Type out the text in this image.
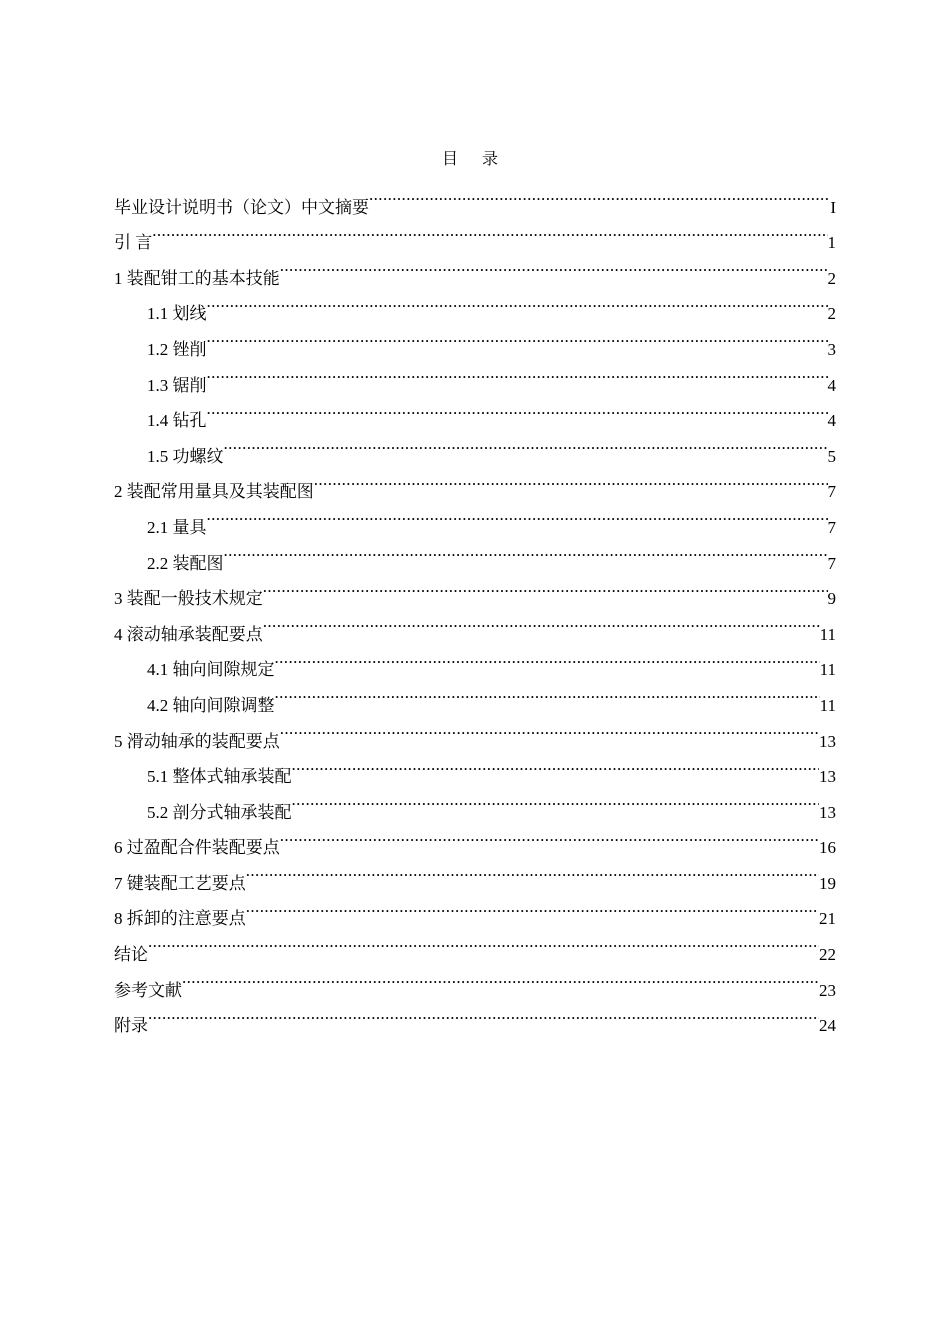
目 录
毕业设计说明书（论文）中文摘要 .....	I
引 言 .....	1
1 装配钳工的基本技能 .....	2
1.1 划线 .....	2
1.2 锉削 .....	3
1.3 锯削 .....	4
1.4 钻孔 .....	4
1.5 功螺纹 .....	5
2 装配常用量具及其装配图 .....	7
2.1 量具 .....	7
2.2 装配图 .....	7
3 装配一般技术规定 .....	9
4 滚动轴承装配要点 .....	11
4.1 轴向间隙规定 .....	11
4.2 轴向间隙调整 .....	11
5 滑动轴承的装配要点 .....	13
5.1 整体式轴承装配 .....	13
5.2 剖分式轴承装配 .....	13
6 过盈配合件装配要点 .....	16
7 键装配工艺要点 .....	19
8 拆卸的注意要点 .....	21
结论 .....	22
参考文献 .....	23
附录 .....	24
